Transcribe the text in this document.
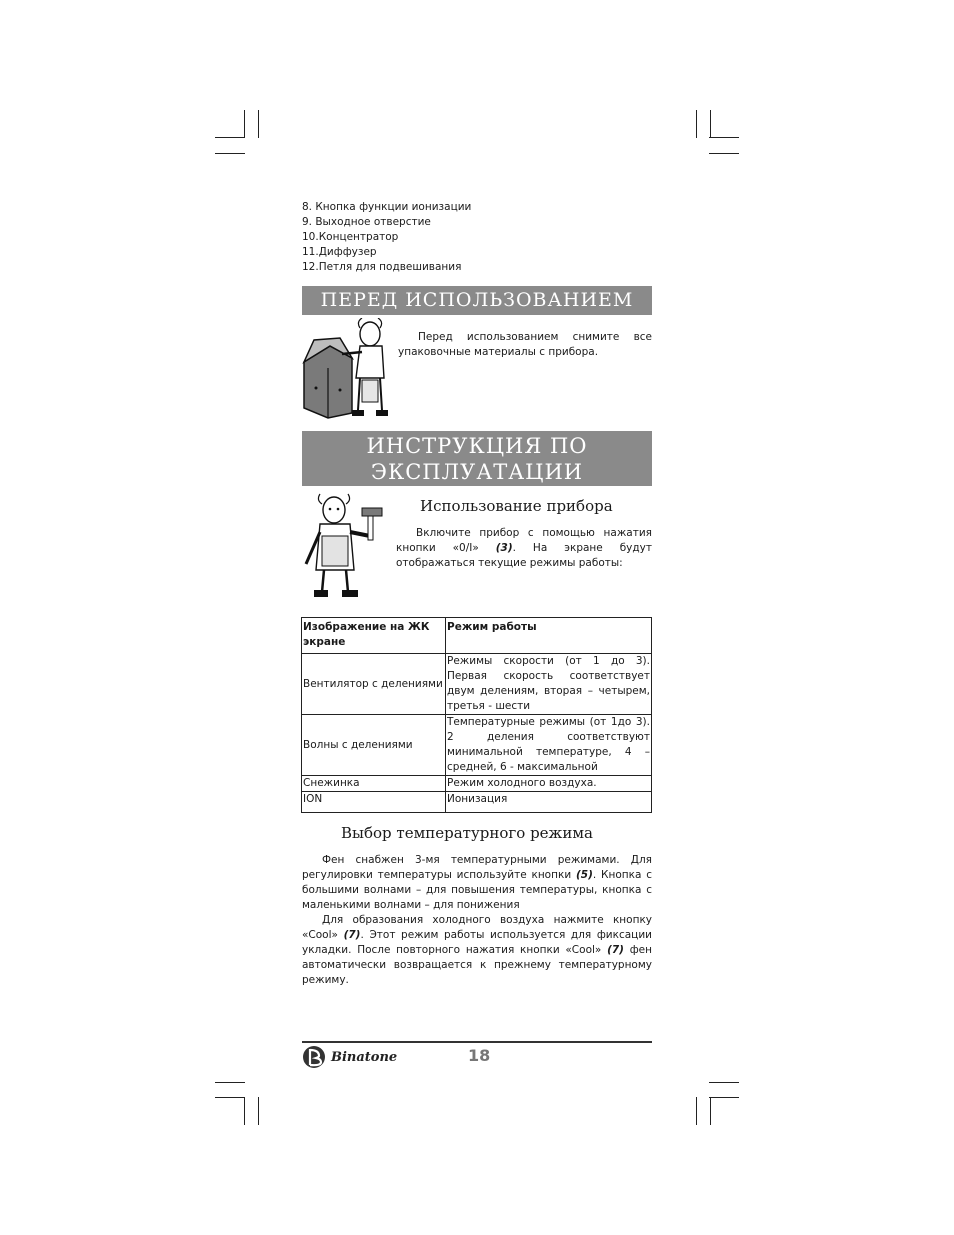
8. Кнопка функции ионизации
9. Выходное отверстие
10.Концентратор
11.Диффузер
12.Петля для подвешивания
ПЕРЕД ИСПОЛЬЗОВАНИЕМ
Перед использованием снимите все упаковочные материалы с прибора.
ИНСТРУКЦИЯ ПО
ЭКСПЛУАТАЦИИ
Использование прибора
Включите прибор с помощью нажатия кнопки «0/I» (3). На экране будут отображаться текущие режимы работы:
Изображение на ЖК экране	Режим работы
Вентилятор с делениями	Режимы скорости (от 1 до 3). Первая скорость соответствует двум делениям, вторая – четырем, третья - шести
Волны с делениями	Температурные режимы (от 1до 3). 2 деления соответствуют минимальной температуре, 4 – средней, 6 - максимальной
Снежинка	Режим холодного воздуха.
ION	Ионизация
Выбор температурного режима
Фен снабжен 3-мя температурными режимами. Для регулировки температуры используйте кнопки (5). Кнопка с большими волнами – для повышения температуры, кнопка с маленькими волнами – для понижения
Для образования холодного воздуха нажмите кнопку «Cool» (7). Этот режим работы используется для фиксации укладки. После повторного нажатия кнопки «Cool» (7) фен автоматически возвращается к прежнему температурному режиму.
Binatone	18
